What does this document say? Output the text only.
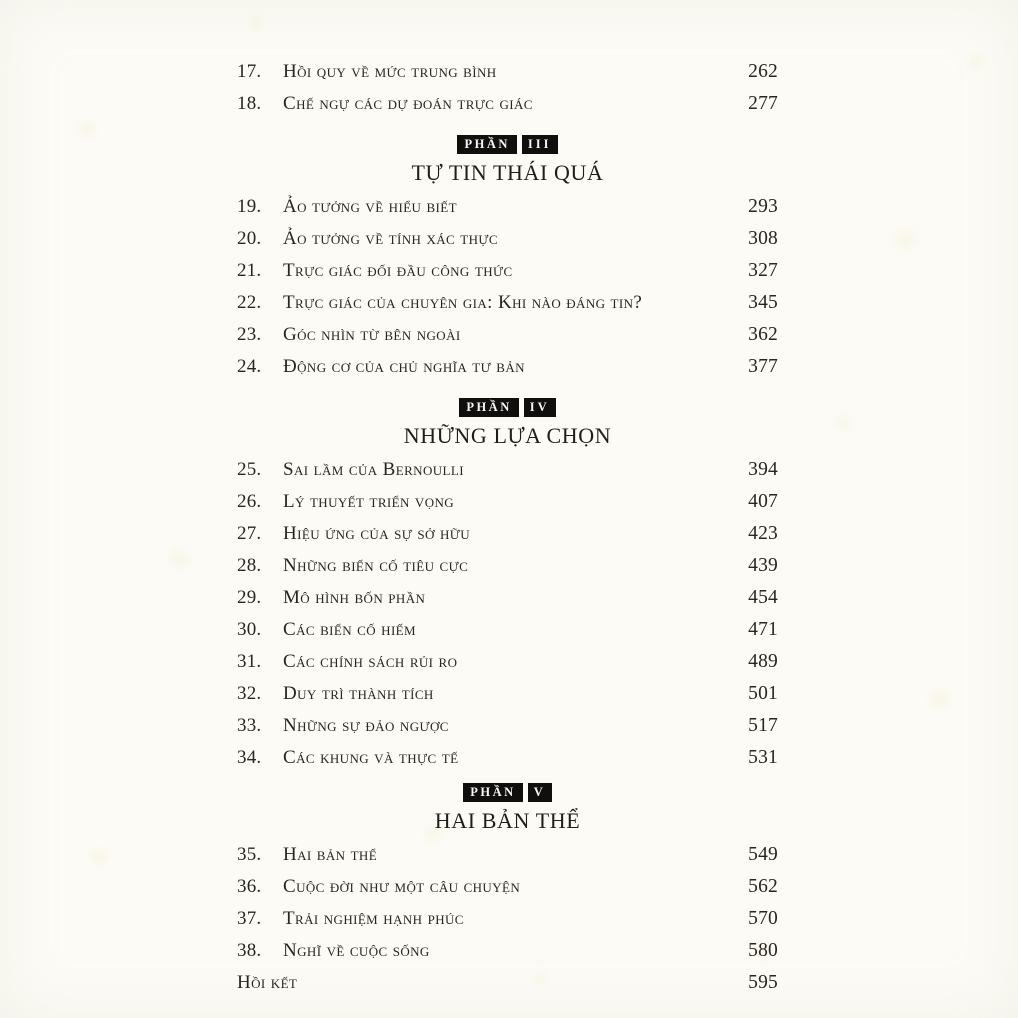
17.	Hồi quy về mức trung bình	262
18.	Chế ngự các dự đoán trực giác	277
PHẦN	III
TỰ TIN THÁI QUÁ
19.	Ảo tưởng về hiểu biết	293
20.	Ảo tưởng về tính xác thực	308
21.	Trực giác đối đầu công thức	327
22.	Trực giác của chuyên gia: Khi nào đáng tin?	345
23.	Góc nhìn từ bên ngoài	362
24.	Động cơ của chủ nghĩa tư bản	377
PHẦN	IV
NHỮNG LỰA CHỌN
25.	Sai lầm của Bernoulli	394
26.	Lý thuyết triển vọng	407
27.	Hiệu ứng của sự sở hữu	423
28.	Những biến cố tiêu cực	439
29.	Mô hình bốn phần	454
30.	Các biến cố hiếm	471
31.	Các chính sách rủi ro	489
32.	Duy trì thành tích	501
33.	Những sự đảo ngược	517
34.	Các khung và thực tế	531
PHẦN	V
HAI BẢN THỂ
35.	Hai bản thể	549
36.	Cuộc đời như một câu chuyện	562
37.	Trải nghiệm hạnh phúc	570
38.	Nghĩ về cuộc sống	580
Hồi kết	595
